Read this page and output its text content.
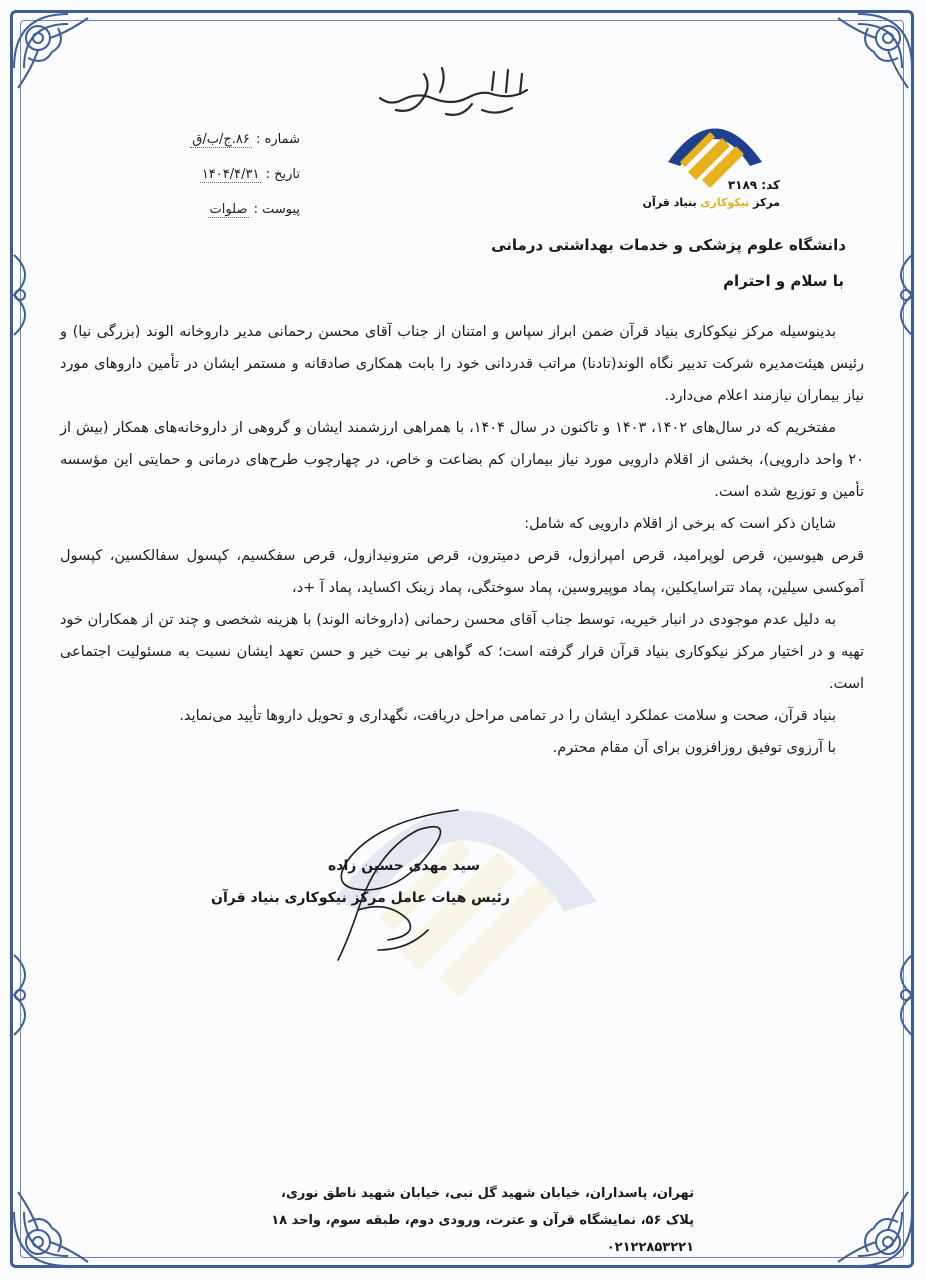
بسم الله الرحمن الرحیم
کد: ۳۱۸۹
مرکز نیکوکاری بنیاد قرآن
شماره : ۸۶.ج/ب/ق
تاریخ : ۱۴۰۴/۴/۳۱
پیوست : صلوات
دانشگاه علوم پزشکی و خدمات بهداشتی درمانی
با سلام و احترام

بدینوسیله مرکز نیکوکاری بنیاد قرآن ضمن ابراز سپاس و امتنان از جناب آقای محسن رحمانی مدیر داروخانه الوند (بزرگی نیا) و رئیس هیئت‌مدیره شرکت تدبیر نگاه الوند(تادنا) مراتب قدردانی خود را بابت همکاری صادقانه و مستمر ایشان در تأمین داروهای مورد نیاز بیماران نیازمند اعلام می‌دارد.

مفتخریم که در سال‌های ۱۴۰۲، ۱۴۰۳ و تاکنون در سال ۱۴۰۴، با همراهی ارزشمند ایشان و گروهی از داروخانه‌های همکار (بیش از ۲۰ واحد دارویی)، بخشی از اقلام دارویی مورد نیاز بیماران کم بضاعت و خاص، در چهارچوب طرح‌های درمانی و حمایتی این مؤسسه تأمین و توزیع شده است.

شایان ذکر است که برخی از اقلام دارویی که شامل:

قرص هیوسین، قرص لوپرامید، قرص امپرازول، قرص دمیترون، قرص مترونیدازول، قرص سفکسیم، کپسول سفالکسین، کپسول آموکسی سیلین، پماد تتراسایکلین، پماد موپیروسین، پماد سوختگی، پماد زینک اکساید، پماد آ +د،

به دلیل عدم موجودی در انبار خیریه، توسط جناب آقای محسن رحمانی (داروخانه الوند) با هزینه شخصی و چند تن از همکاران خود تهیه و در اختیار مرکز نیکوکاری بنیاد قرآن قرار گرفته است؛ که گواهی بر نیت خیر و حسن تعهد ایشان نسبت به مسئولیت اجتماعی است.

بنیاد قرآن، صحت و سلامت عملکرد ایشان را در تمامی مراحل دریافت، نگهداری و تحویل داروها تأیید می‌نماید.

با آرزوی توفیق روزافزون برای آن مقام محترم.

سید مهدی حسین زاده
رئیس هیات عامل مرکز نیکوکاری بنیاد قرآن
تهران، پاسداران، خیابان شهید گل نبی، خیابان شهید ناطق نوری،
پلاک ۵۶، نمایشگاه قرآن و عترت، ورودی دوم، طبقه سوم، واحد ۱۸
۰۲۱۲۲۸۵۳۲۲۱
